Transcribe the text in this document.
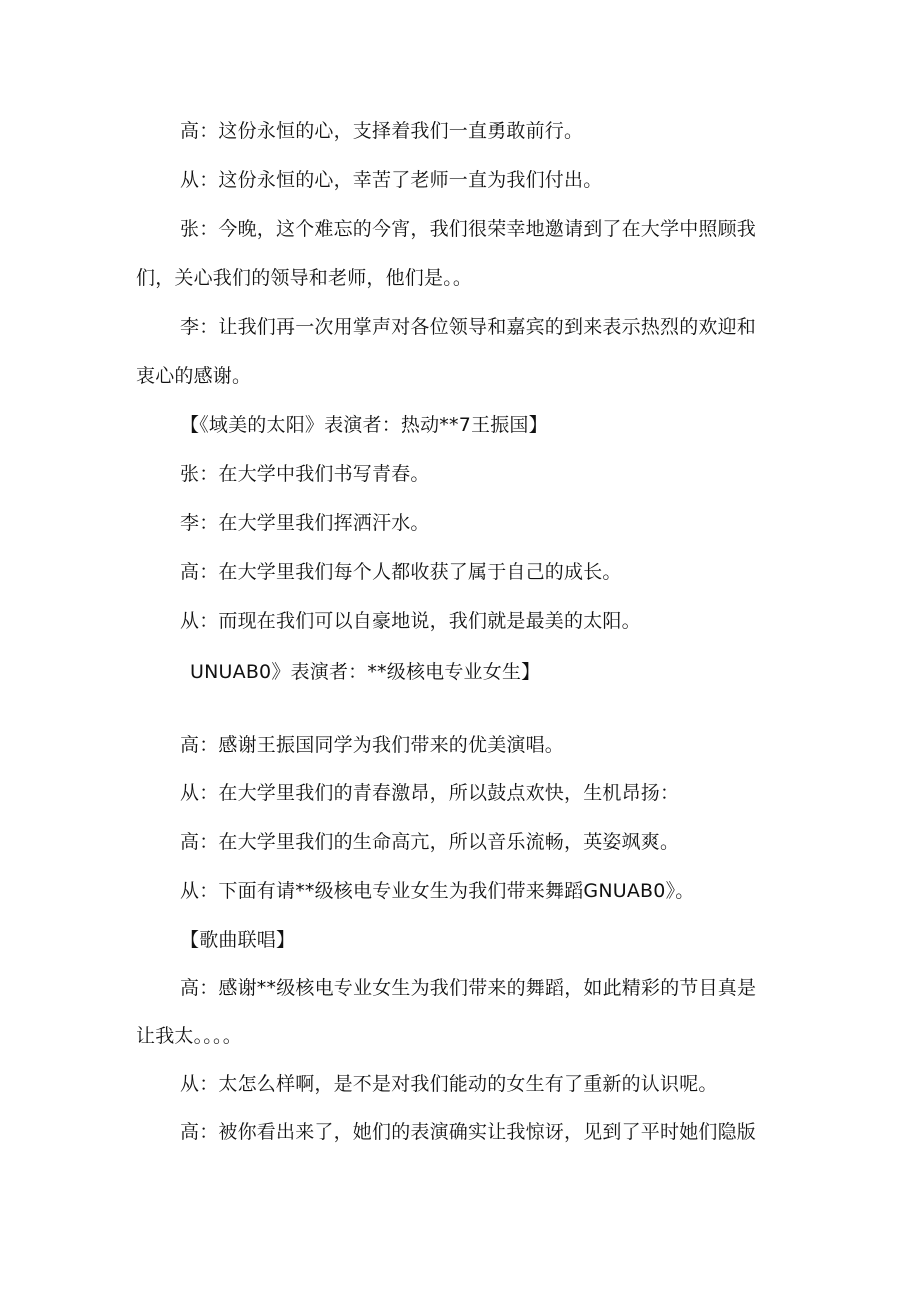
高：这份永恒的心，支择着我们一直勇敢前行。
从：这份永恒的心，幸苦了老师一直为我们付出。
张：今晚，这个难忘的今宵，我们很荣幸地邀请到了在大学中照顾我
们，关心我们的领导和老师，他们是。。
李：让我们再一次用掌声对各位领导和嘉宾的到来表示热烈的欢迎和
衷心的感谢。
【《域美的太阳》表演者：热动**7王振国】
张：在大学中我们书写青春。
李：在大学里我们挥洒汗水。
高：在大学里我们每个人都收获了属于自己的成长。
从：而现在我们可以自豪地说，我们就是最美的太阳。
UNUAB0》表演者：**级核电专业女生】
高：感谢王振国同学为我们带来的优美演唱。
从：在大学里我们的青春激昂，所以鼓点欢快，生机昂扬：
高：在大学里我们的生命高亢，所以音乐流畅，英姿飒爽。
从：下面有请**级核电专业女生为我们带来舞蹈GNUAB0》。
【歌曲联唱】
高：感谢**级核电专业女生为我们带来的舞蹈，如此精彩的节目真是
让我太。。。。
从：太怎么样啊，是不是对我们能动的女生有了重新的认识呢。
高：被你看出来了，她们的表演确实让我惊讶，见到了平时她们隐版
